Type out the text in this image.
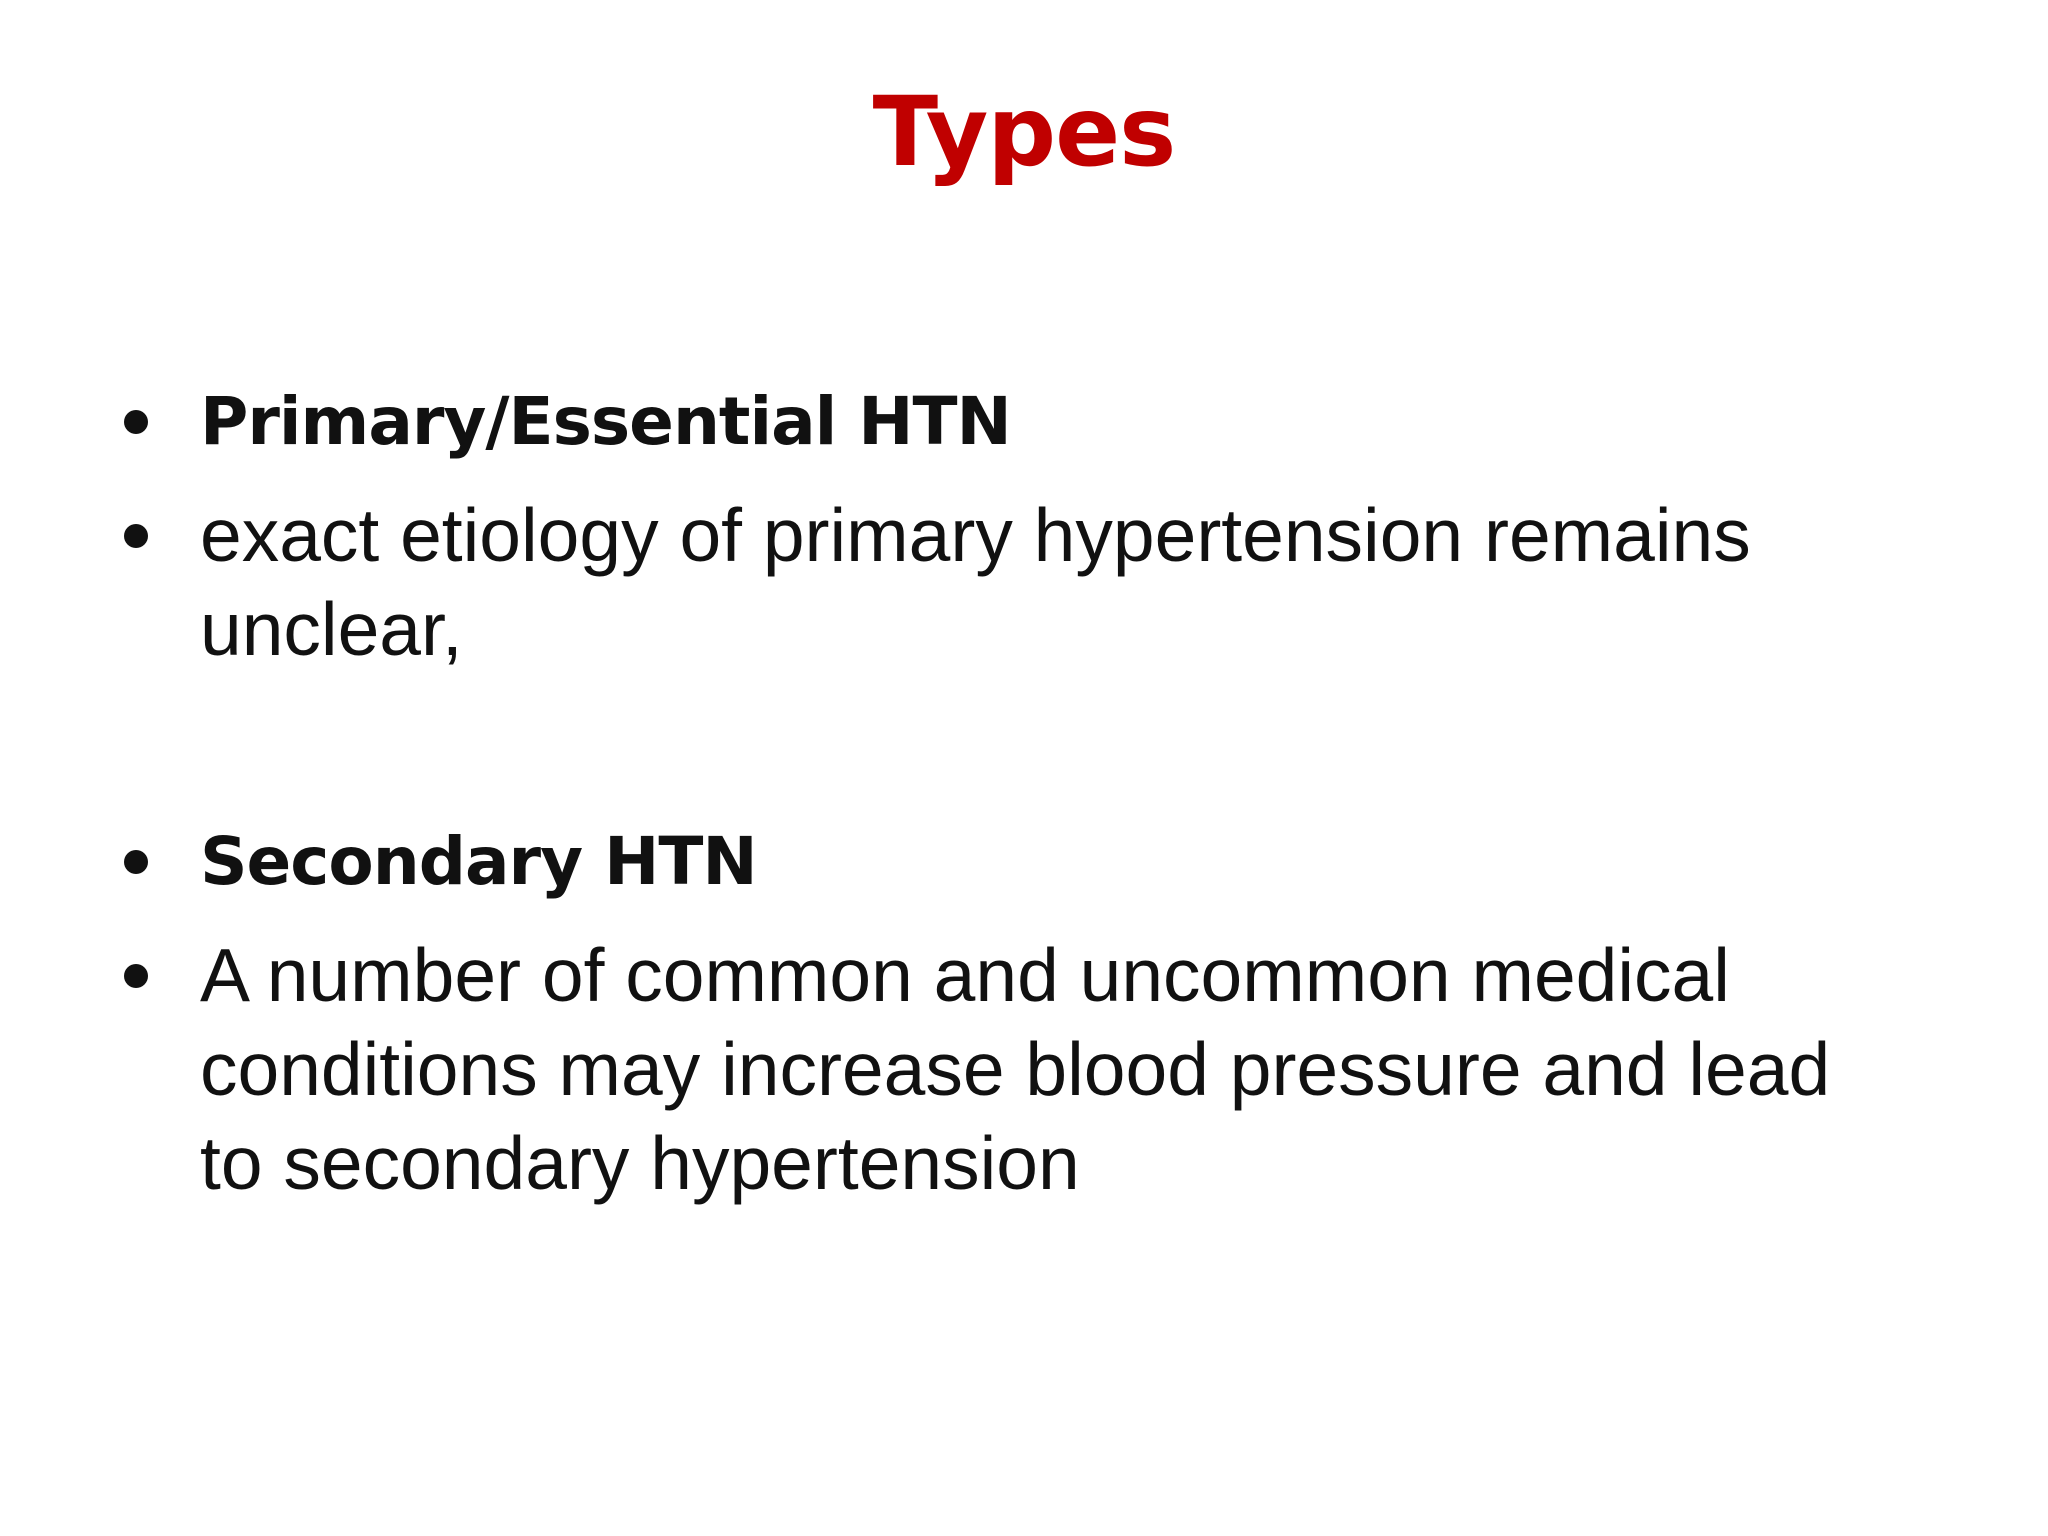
Types
Primary/Essential HTN
exact etiology of primary hypertension remains unclear,
Secondary HTN
A number of common and uncommon medical conditions may increase blood pressure and lead to secondary hypertension
